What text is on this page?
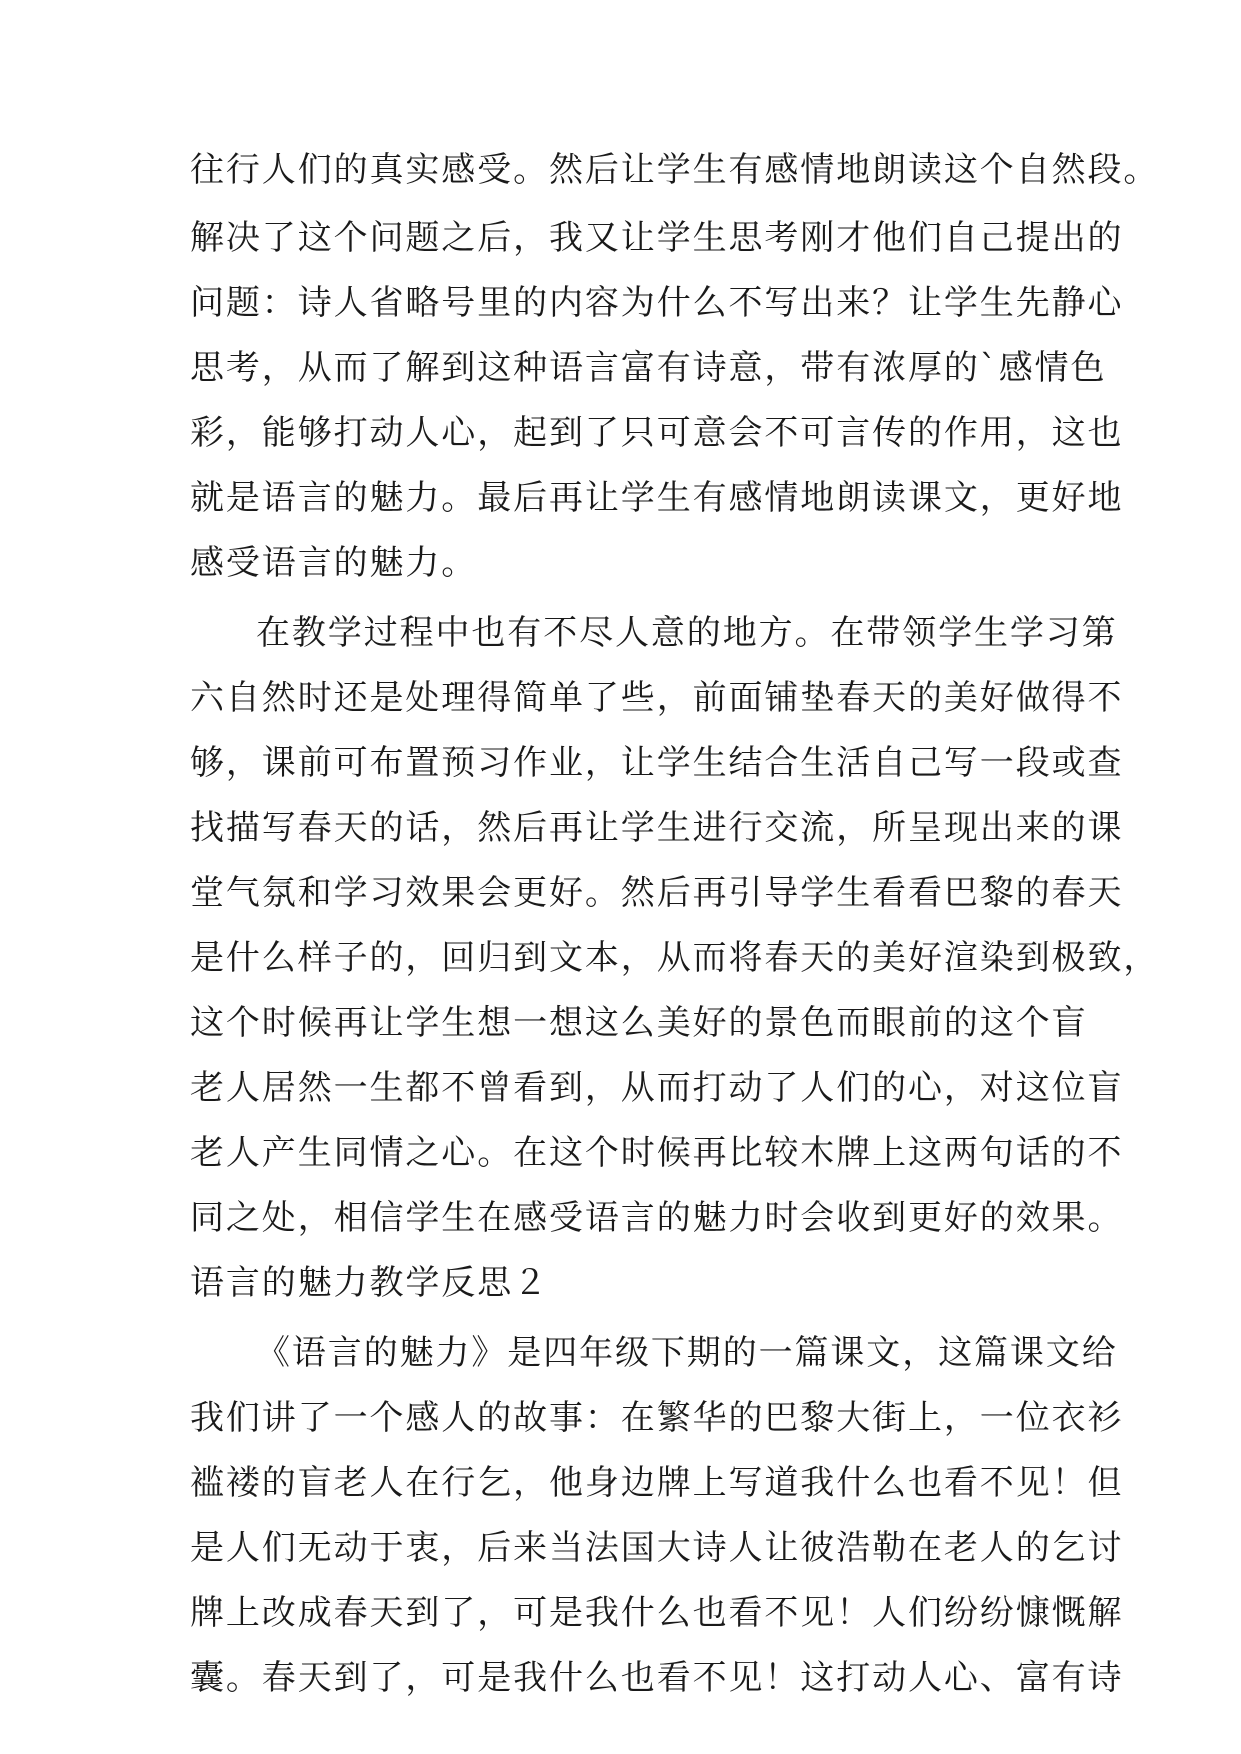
往行人们的真实感受。然后让学生有感情地朗读这个自然段。
解决了这个问题之后，我又让学生思考刚才他们自己提出的
问题：诗人省略号里的内容为什么不写出来？让学生先静心
思考，从而了解到这种语言富有诗意，带有浓厚的`感情色
彩，能够打动人心，起到了只可意会不可言传的作用，这也
就是语言的魅力。最后再让学生有感情地朗读课文，更好地
感受语言的魅力。
在教学过程中也有不尽人意的地方。在带领学生学习第
六自然时还是处理得简单了些，前面铺垫春天的美好做得不
够，课前可布置预习作业，让学生结合生活自己写一段或查
找描写春天的话，然后再让学生进行交流，所呈现出来的课
堂气氛和学习效果会更好。然后再引导学生看看巴黎的春天
是什么样子的，回归到文本，从而将春天的美好渲染到极致，
这个时候再让学生想一想这么美好的景色而眼前的这个盲
老人居然一生都不曾看到，从而打动了人们的心，对这位盲
老人产生同情之心。在这个时候再比较木牌上这两句话的不
同之处，相信学生在感受语言的魅力时会收到更好的效果。
语言的魅力教学反思２
《语言的魅力》是四年级下期的一篇课文，这篇课文给
我们讲了一个感人的故事：在繁华的巴黎大街上，一位衣衫
褴褛的盲老人在行乞，他身边牌上写道我什么也看不见！但
是人们无动于衷，后来当法国大诗人让彼浩勒在老人的乞讨
牌上改成春天到了，可是我什么也看不见！人们纷纷慷慨解
囊。春天到了，可是我什么也看不见！这打动人心、富有诗
